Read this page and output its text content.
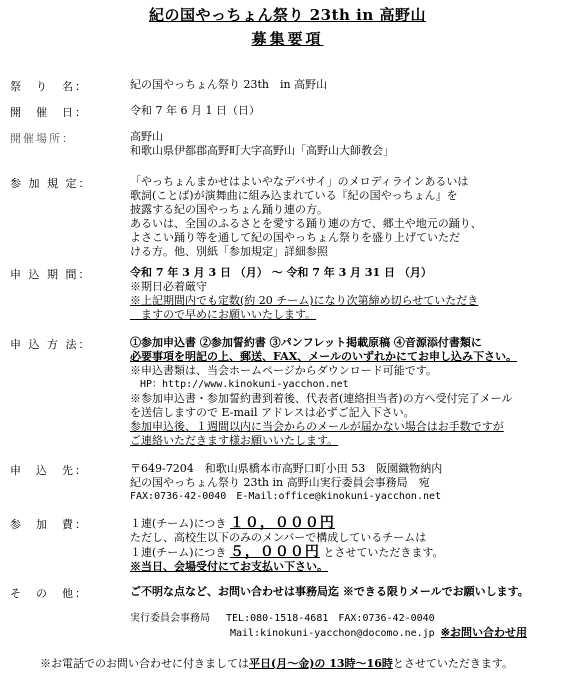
紀の国やっちょん祭り 23th in 高野山
募集要項
祭　り　名：	紀の国やっちょん祭り 23th　in 高野山
開　催　日：	令和 7 年 6 月 1 日（日）
開催場所：	高野山
和歌山県伊都郡高野町大字高野山「高野山大師教会」
参 加 規 定：	「やっちょんまかせはよいやなデバサイ」のメロディラインあるいは
歌詞(ことば)が演舞曲に組み込まれている『紀の国やっちょん』を
披露する紀の国やっちょん踊り連の方。
あるいは、全国のふるさとを愛する踊り連の方で、郷土や地元の踊り、
よさこい踊り等を通して紀の国やっちょん祭りを盛り上げていただ
ける方。他、別紙「参加規定」詳細参照
申 込 期 間：	令和 7 年 3 月 3 日 （月） ～ 令和 7 年 3 月 31 日 （月）
※期日必着厳守
※上記期間内でも定数(約 20 チーム)になり次第締め切らせていただき
　ますので早めにお願いいたします。
申 込 方 法：	①参加申込書 ②参加誓約書 ③パンフレット掲載原稿 ④音源添付書類に
必要事項を明記の上、郵送、FAX、メールのいずれかにてお申し込み下さい。
※申込書類は、当会ホームページからダウンロード可能です。
　HP：http://www.kinokuni-yacchon.net
※参加申込書・参加誓約書到着後、代表者(連絡担当者)の方へ受付完了メール
を送信しますので E-mail アドレスは必ずご記入下さい。
参加申込後、１週間以内に当会からのメールが届かない場合はお手数ですが
ご連絡いただきます様お願いいたします。
申　込　先：	〒649-7204　和歌山県橋本市高野口町小田 53　阪園織物納内
紀の国やっちょん祭り 23th in 高野山実行委員会事務局　宛
FAX:0736-42-0040　E-Mail:office@kinokuni-yacchon.net
参　加　費：	１連(チーム)につき １０，０００円
ただし、高校生以下のみのメンバーで構成しているチームは
１連(チーム)につき ５，０００円 とさせていただきます。
※当日、会場受付にてお支払い下さい。
そ　の　他：	ご不明な点など、お問い合わせは事務局迄 ※できる限りメールでお願いします。
実行委員会事務局　 TEL:080-1518-4681　FAX:0736-42-0040
Mail:kinokuni-yacchon@docomo.ne.jp ※お問い合わせ用
※お電話でのお問い合わせに付きましては平日(月～金)の 13時～16時とさせていただきます。
